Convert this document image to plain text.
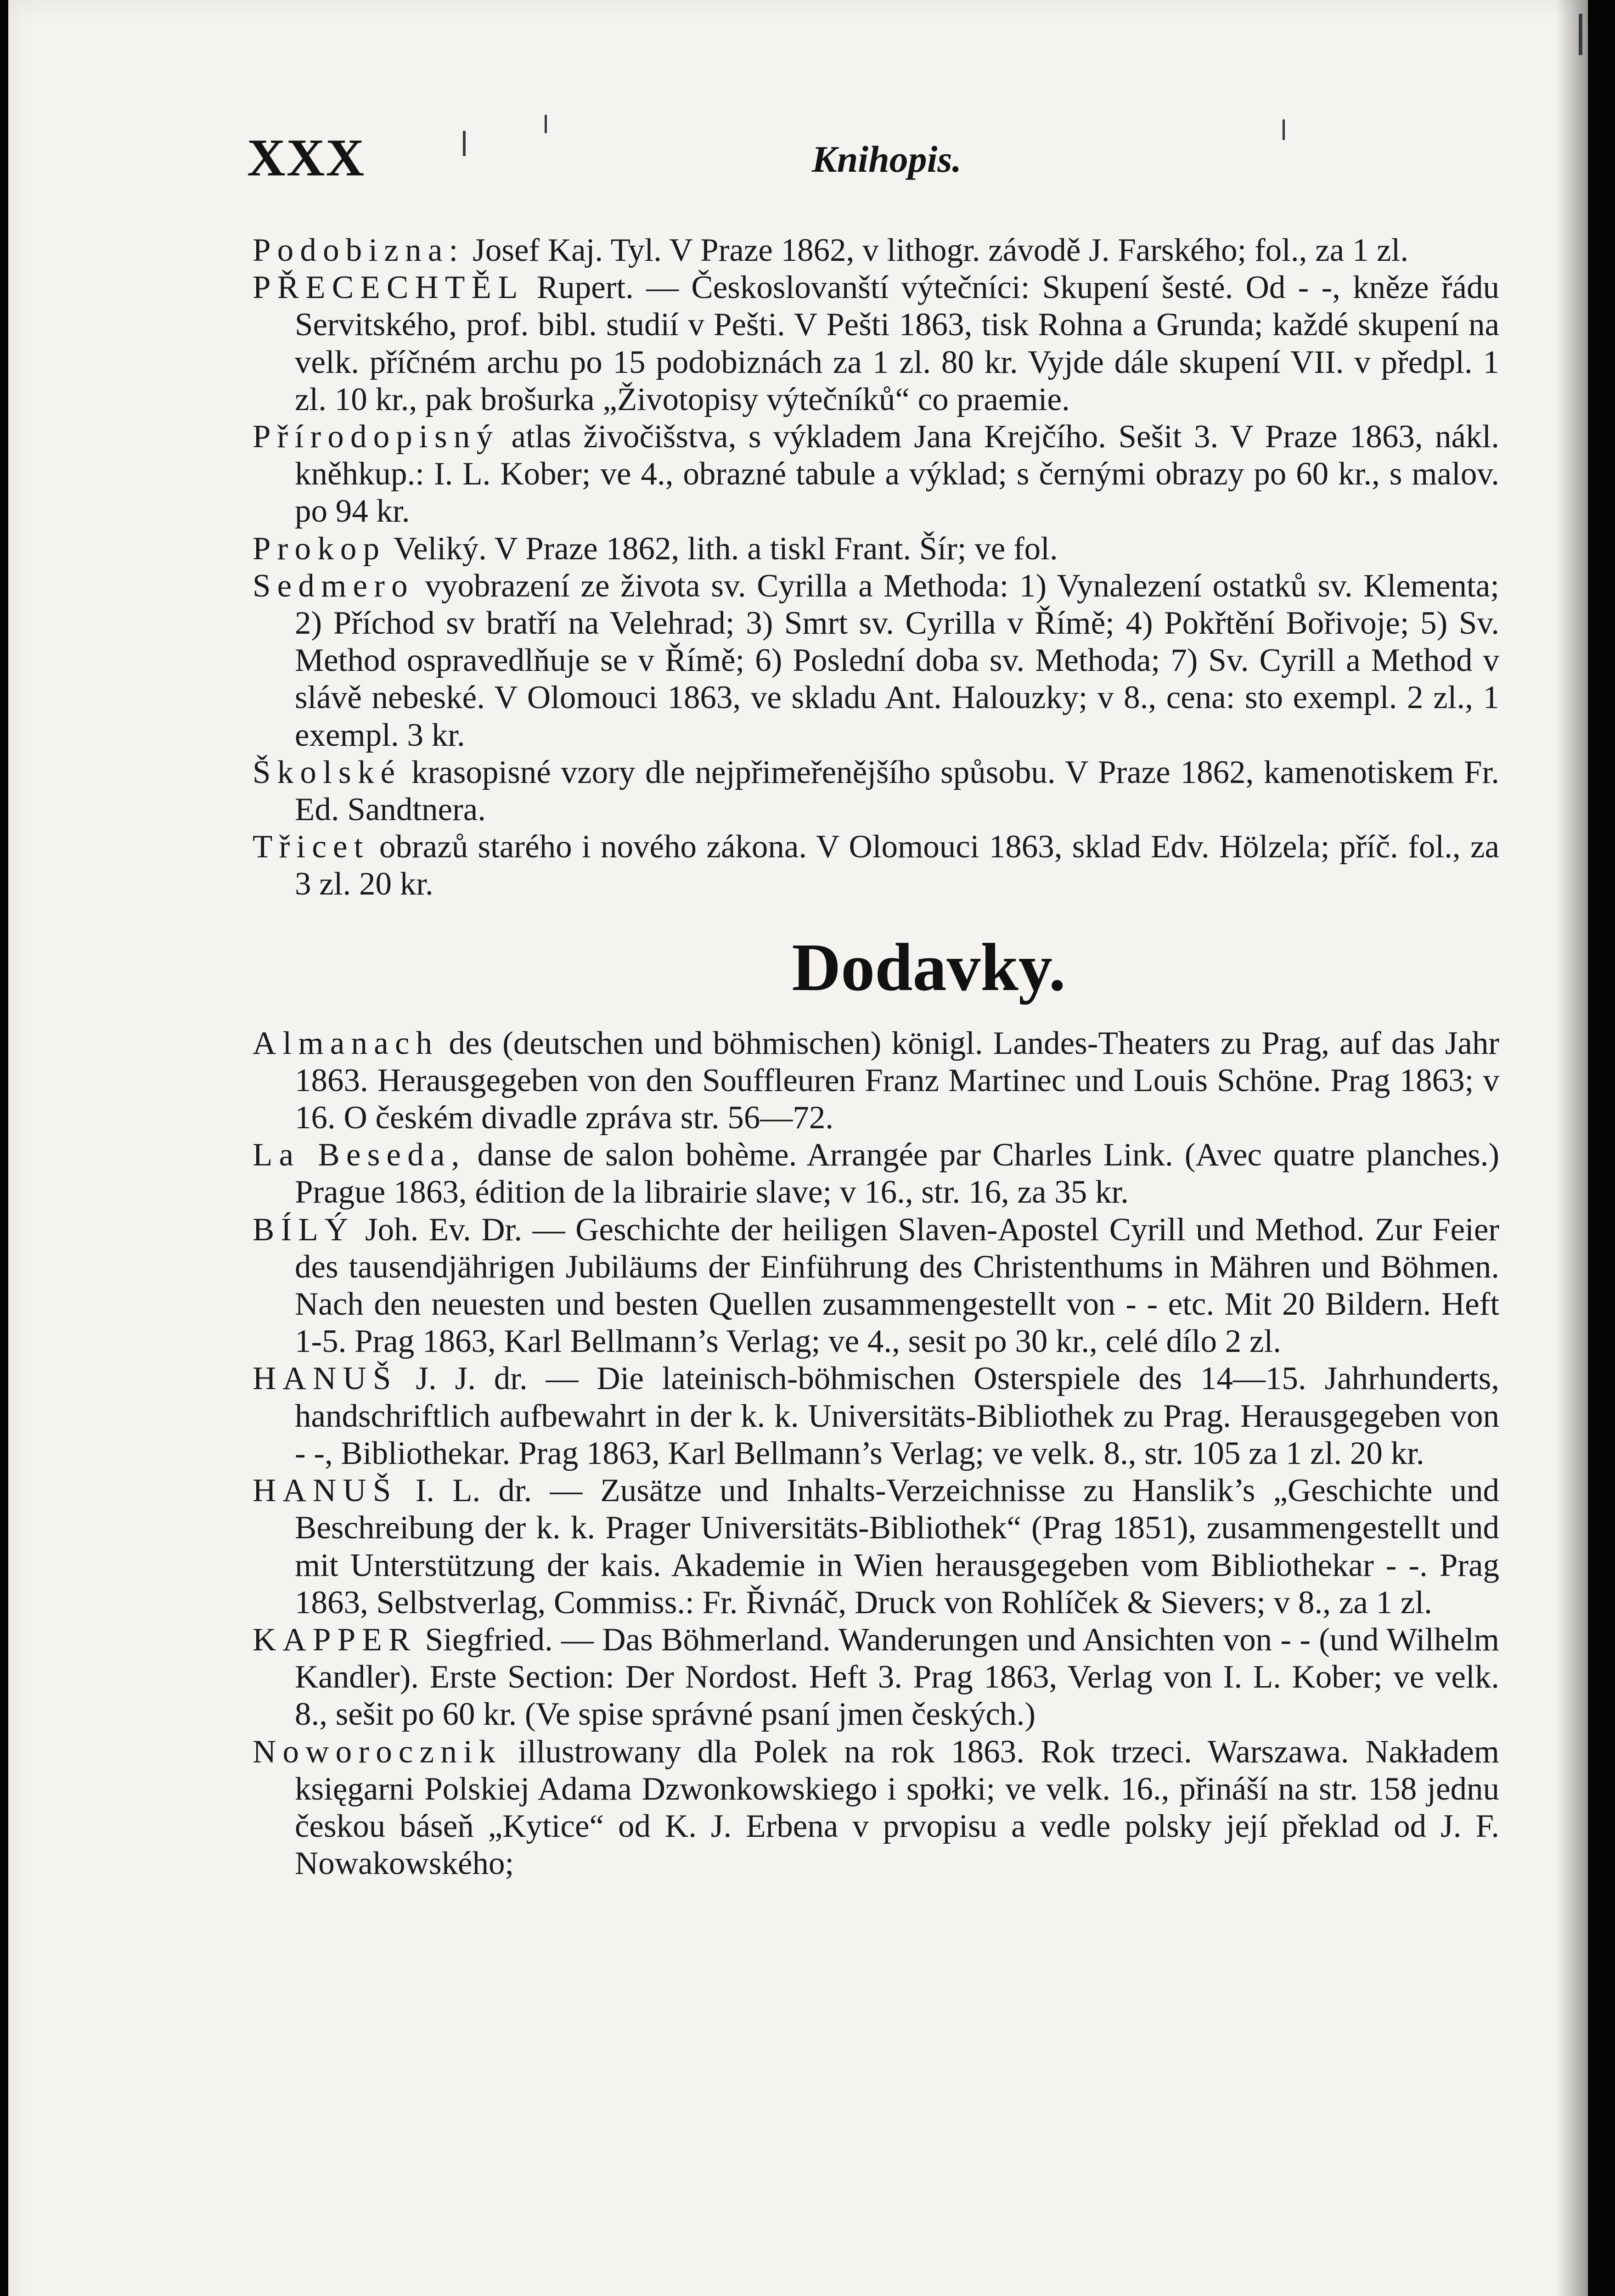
XXX	Knihopis.
Podobizna: Josef Kaj. Tyl. V Praze 1862, v lithogr. závodě J. Farského; fol., za 1 zl.
PŘECECHTĚL Rupert. — Českoslovanští výtečníci: Skupení šesté. Od - -, kněze řádu Servitského, prof. bibl. studií v Pešti. V Pešti 1863, tisk Rohna a Grunda; každé skupení na velk. příčném archu po 15 podobiznách za 1 zl. 80 kr. Vyjde dále skupení VII. v předpl. 1 zl. 10 kr., pak brošurka „Životopisy výtečníků“ co praemie.
Přírodopisný atlas živočišstva, s výkladem Jana Krejčího. Sešit 3. V Praze 1863, nákl. kněhkup.: I. L. Kober; ve 4., obrazné tabule a výklad; s černými obrazy po 60 kr., s malov. po 94 kr.
Prokop Veliký. V Praze 1862, lith. a tiskl Frant. Šír; ve fol.
Sedmero vyobrazení ze života sv. Cyrilla a Methoda: 1) Vynalezení ostatků sv. Klementa; 2) Příchod sv bratří na Velehrad; 3) Smrt sv. Cyrilla v Římě; 4) Pokřtění Bořivoje; 5) Sv. Method ospravedlňuje se v Římě; 6) Poslední doba sv. Methoda; 7) Sv. Cyrill a Method v slávě nebeské. V Olomouci 1863, ve skladu Ant. Halouzky; v 8., cena: sto exempl. 2 zl., 1 exempl. 3 kr.
Školské krasopisné vzory dle nejpřimeřenějšího spůsobu. V Praze 1862, kamenotiskem Fr. Ed. Sandtnera.
Třicet obrazů starého i nového zákona. V Olomouci 1863, sklad Edv. Hölzela; příč. fol., za 3 zl. 20 kr.
Dodavky.
Almanach des (deutschen und böhmischen) königl. Landes-Theaters zu Prag, auf das Jahr 1863. Herausgegeben von den Souffleuren Franz Martinec und Louis Schöne. Prag 1863; v 16. O českém divadle zpráva str. 56—72.
La Beseda, danse de salon bohème. Arrangée par Charles Link. (Avec quatre planches.) Prague 1863, édition de la librairie slave; v 16., str. 16, za 35 kr.
BÍLÝ Joh. Ev. Dr. — Geschichte der heiligen Slaven-Apostel Cyrill und Method. Zur Feier des tausendjährigen Jubiläums der Einführung des Christenthums in Mähren und Böhmen. Nach den neuesten und besten Quellen zusammengestellt von - - etc. Mit 20 Bildern. Heft 1-5. Prag 1863, Karl Bellmann’s Verlag; ve 4., sesit po 30 kr., celé dílo 2 zl.
HANUŠ J. J. dr. — Die lateinisch-böhmischen Osterspiele des 14—15. Jahrhunderts, handschriftlich aufbewahrt in der k. k. Universitäts-Bibliothek zu Prag. Herausgegeben von - -, Bibliothekar. Prag 1863, Karl Bellmann’s Verlag; ve velk. 8., str. 105 za 1 zl. 20 kr.
HANUŠ I. L. dr. — Zusätze und Inhalts-Verzeichnisse zu Hanslik’s „Geschichte und Beschreibung der k. k. Prager Universitäts-Bibliothek“ (Prag 1851), zusammengestellt und mit Unterstützung der kais. Akademie in Wien herausgegeben vom Bibliothekar - -. Prag 1863, Selbstverlag, Commiss.: Fr. Řivnáč, Druck von Rohlíček & Sievers; v 8., za 1 zl.
KAPPER Siegfried. — Das Böhmerland. Wanderungen und Ansichten von - - (und Wilhelm Kandler). Erste Section: Der Nordost. Heft 3. Prag 1863, Verlag von I. L. Kober; ve velk. 8., sešit po 60 kr. (Ve spise správné psaní jmen českých.)
Noworocznik illustrowany dla Polek na rok 1863. Rok trzeci. Warszawa. Nakładem księgarni Polskiej Adama Dzwonkowskiego i społki; ve velk. 16., přináší na str. 158 jednu českou báseň „Kytice“ od K. J. Erbena v prvopisu a vedle polsky její překlad od J. F. Nowakowského;
